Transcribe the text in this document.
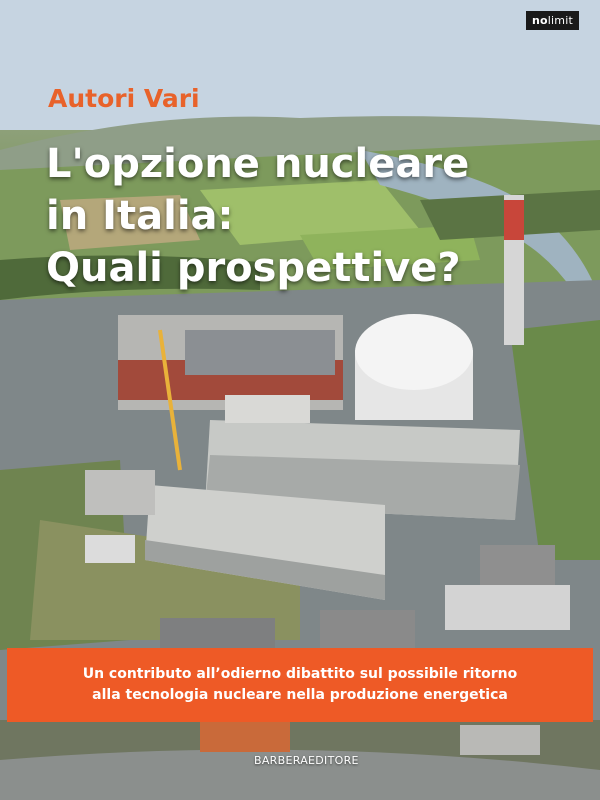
nolimit
Autori Vari
L'opzione nucleare
in Italia:
Quali prospettive?
Un contributo all’odierno dibattito sul possibile ritorno
alla tecnologia nucleare nella produzione energetica
BARBERAEDITORE
